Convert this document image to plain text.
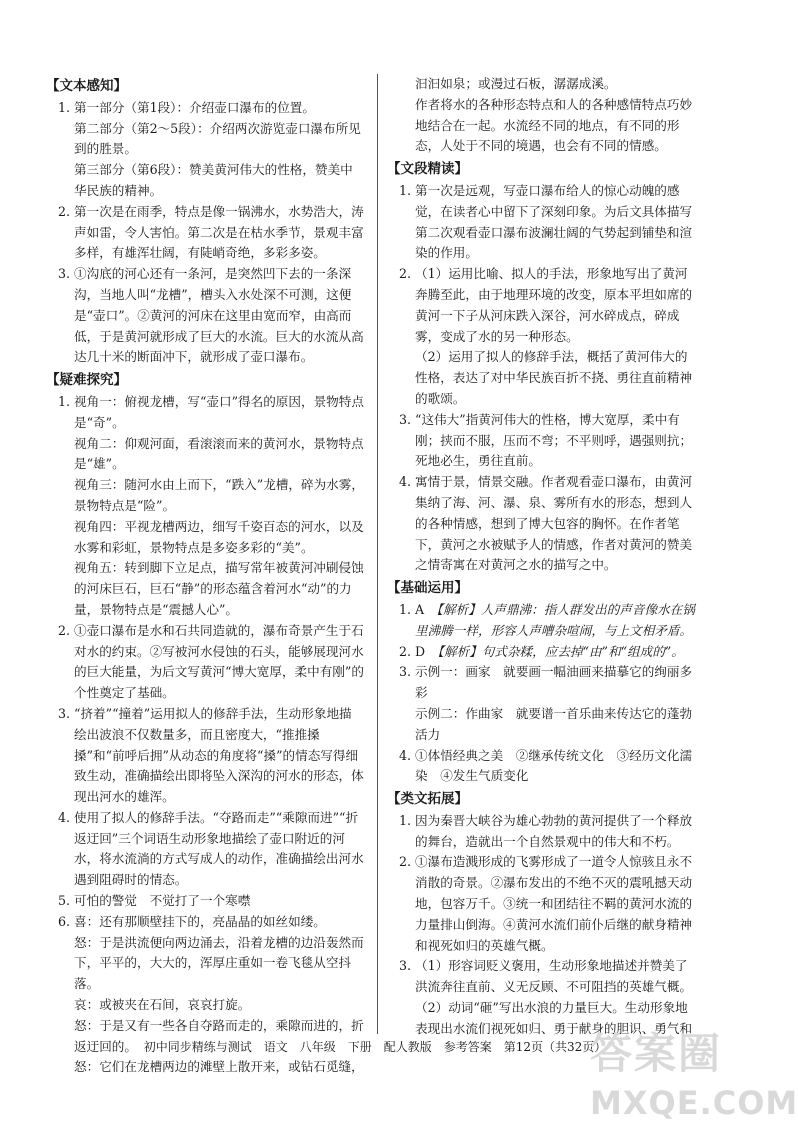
【文本感知】
1. 第一部分（第1段）：介绍壶口瀑布的位置。
第二部分（第2～5段）：介绍两次游览壶口瀑布所见到的胜景。
第三部分（第6段）：赞美黄河伟大的性格，赞美中华民族的精神。
2. 第一次是在雨季，特点是像一锅沸水，水势浩大，涛声如雷，令人害怕。第二次是在枯水季节，景观丰富多样，有雄浑壮阔，有陡峭奇绝，多彩多姿。
3. ①沟底的河心还有一条河，是突然凹下去的一条深沟，当地人叫“龙槽”，槽头入水处深不可测，这便是“壶口”。②黄河的河床在这里由宽而窄，由高而低，于是黄河就形成了巨大的水流。巨大的水流从高达几十米的断面冲下，就形成了壶口瀑布。
【疑难探究】
1. 视角一：俯视龙槽，写“壶口”得名的原因，景物特点是“奇”。
视角二：仰观河面，看滚滚而来的黄河水，景物特点是“雄”。
视角三：随河水由上而下，“跌入”龙槽，碎为水雾，景物特点是“险”。
视角四：平视龙槽两边，细写千姿百态的河水，以及水雾和彩虹，景物特点是多姿多彩的“美”。
视角五：转到脚下立足点，描写常年被黄河冲刷侵蚀的河床巨石，巨石“静”的形态蕴含着河水“动”的力量，景物特点是“震撼人心”。
2. ①壶口瀑布是水和石共同造就的，瀑布奇景产生于石对水的约束。②写被河水侵蚀的石头，能够展现河水的巨大能量，为后文写黄河“博大宽厚，柔中有刚”的个性奠定了基础。
3. “挤着”“撞着”运用拟人的修辞手法，生动形象地描绘出波浪不仅数量多，而且密度大，“推推搡搡”和“前呼后拥”从动态的角度将“搡”的情态写得细致生动，准确描绘出即将坠入深沟的河水的形态，体现出河水的雄浑。
4. 使用了拟人的修辞手法。“夺路而走”“乘隙而进”“折返迂回”三个词语生动形象地描绘了壶口附近的河水，将水流淌的方式写成人的动作，准确描绘出河水遇到阻碍时的情态。
5. 可怕的警觉　不觉打了一个寒噤
6. 喜：还有那顺壁挂下的，亮晶晶的如丝如缕。
怒：于是洪流便向两边涌去，沿着龙槽的边沿轰然而下，平平的，大大的，浑厚庄重如一卷飞毯从空抖落。
哀：或被夹在石间，哀哀打旋。
怒：于是又有一些各自夺路而走的，乘隙而进的，折返迂回的。
怒：它们在龙槽两边的滩壁上散开来，或钻石觅缝，
汩汩如泉；或漫过石板，潺潺成溪。
作者将水的各种形态特点和人的各种感情特点巧妙地结合在一起。水流经不同的地点，有不同的形态，人处于不同的境遇，也会有不同的情感。
【文段精读】
1. 第一次是远观，写壶口瀑布给人的惊心动魄的感觉，在读者心中留下了深刻印象。为后文具体描写第二次观看壶口瀑布波澜壮阔的气势起到铺垫和渲染的作用。
2. （1）运用比喻、拟人的手法，形象地写出了黄河奔腾至此，由于地理环境的改变，原本平坦如席的黄河一下子从河床跌入深谷，河水碎成点，碎成雾，变成了水的另一种形态。
（2）运用了拟人的修辞手法，概括了黄河伟大的性格，表达了对中华民族百折不挠、勇往直前精神的歌颂。
3. “这伟大”指黄河伟大的性格，博大宽厚，柔中有刚；挟而不服，压而不弯；不平则呼，遇强则抗；死地必生，勇往直前。
4. 寓情于景，情景交融。作者观看壶口瀑布，由黄河集纳了海、河、瀑、泉、雾所有水的形态，想到人的各种情感，想到了博大包容的胸怀。在作者笔下，黄河之水被赋予人的情感，作者对黄河的赞美之情寄寓在对黄河之水的描写之中。
【基础运用】
1. A　 【解析】人声鼎沸：指人群发出的声音像水在锅里沸腾一样，形容人声嘈杂喧闹，与上文相矛盾。
2. D　 【解析】句式杂糅，应去掉“由”和“组成的”。
3. 示例一：画家　就要画一幅油画来描摹它的绚丽多彩
示例二：作曲家　就要谱一首乐曲来传达它的蓬勃活力
4. ①体悟经典之美　②继承传统文化　③经历文化濡染　④发生气质变化
【类文拓展】
1. 因为秦晋大峡谷为雄心勃勃的黄河提供了一个释放的舞台，造就出一个自然景观中的伟大和不朽。
2. ①瀑布造溅形成的飞雾形成了一道令人惊骇且永不消散的奇景。②瀑布发出的不绝不灭的震吼撼天动地，包容万千。③统一和团结往不羁的黄河水流的力量排山倒海。④黄河水流们前仆后继的献身精神和视死如归的英雄气概。
3. （1）形容词贬义褒用，生动形象地描述并赞美了洪流奔往直前、义无反顾、不可阻挡的英雄气概。
（2）动词“砸”写出水浪的力量巨大。生动形象地表现出水流们视死如归、勇于献身的胆识、勇气和
初中同步精练与测试　语文　八年级　下册　配人教版　参考答案　第12页（共32页）
答案圈
MXQE.COM
